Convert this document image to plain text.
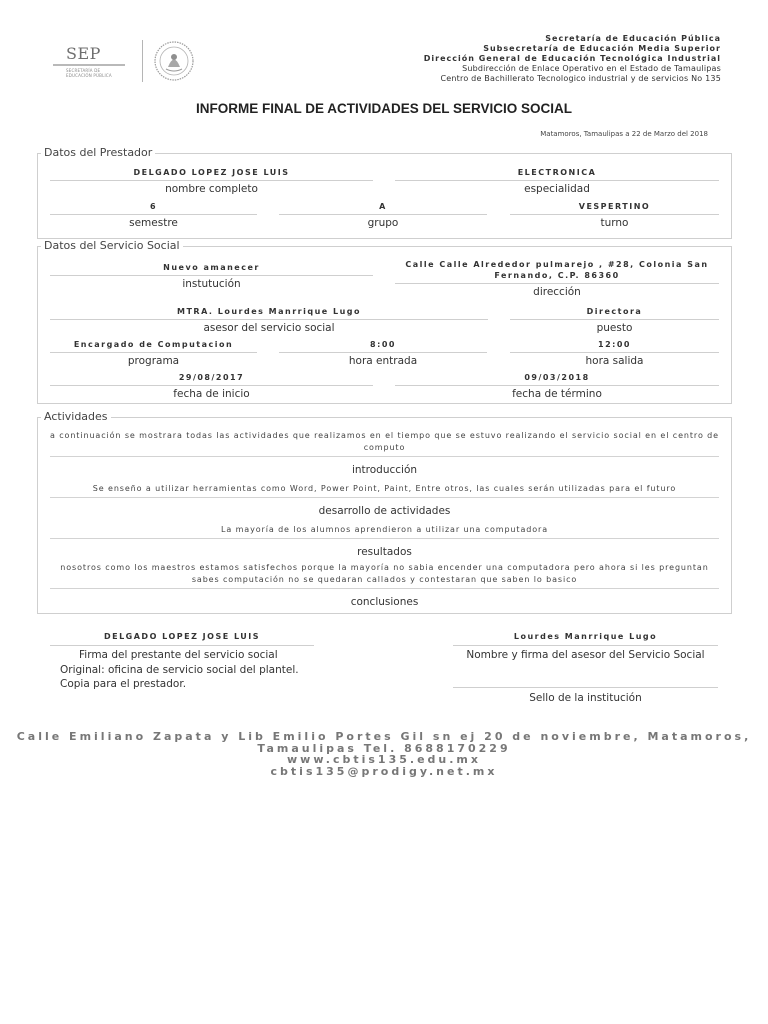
SEP
SECRETARÍA DE
EDUCACIÓN PÚBLICA
Secretaría de Educación Pública
Subsecretaría de Educación Media Superior
Dirección General de Educación Tecnológica Industrial
Subdirección de Enlace Operativo en el Estado de Tamaulipas
Centro de Bachillerato Tecnologico industrial y de servicios No 135
INFORME FINAL DE ACTIVIDADES DEL SERVICIO SOCIAL
Matamoros, Tamaulipas a 22 de Marzo del 2018
Datos del Prestador
DELGADO LOPEZ JOSE LUIS
nombre completo
ELECTRONICA
especialidad
6
semestre
A
grupo
VESPERTINO
turno
Datos del Servicio Social
Nuevo amanecer
instutución
Calle Calle Alrededor pulmarejo , #28, Colonia San Fernando, C.P. 86360
dirección
MTRA. Lourdes Manrrique Lugo
asesor del servicio social
Directora
puesto
Encargado de Computacion
programa
8:00
hora entrada
12:00
hora salida
29/08/2017
fecha de inicio
09/03/2018
fecha de término
Actividades
a continuación se mostrara todas las actividades que realizamos en el tiempo que se estuvo realizando el servicio social en el centro de computo
introducción
Se enseño a utilizar herramientas como Word, Power Point, Paint, Entre otros, las cuales serán utilizadas para el futuro
desarrollo de actividades
La mayoría de los alumnos aprendieron a utilizar una computadora
resultados
nosotros como los maestros estamos satisfechos porque la mayoría no sabia encender una computadora pero ahora si les preguntan sabes computación no se quedaran callados y contestaran que saben lo basico
conclusiones
DELGADO LOPEZ JOSE LUIS
Firma del prestante del servicio social
Original: oficina de servicio social del plantel.
Copia para el prestador.
Lourdes Manrrique Lugo
Nombre y firma del asesor del Servicio Social
Sello de la institución
Calle Emiliano Zapata y Lib Emilio Portes Gil sn ej 20 de noviembre, Matamoros,
Tamaulipas Tel. 8688170229
www.cbtis135.edu.mx
cbtis135@prodigy.net.mx
